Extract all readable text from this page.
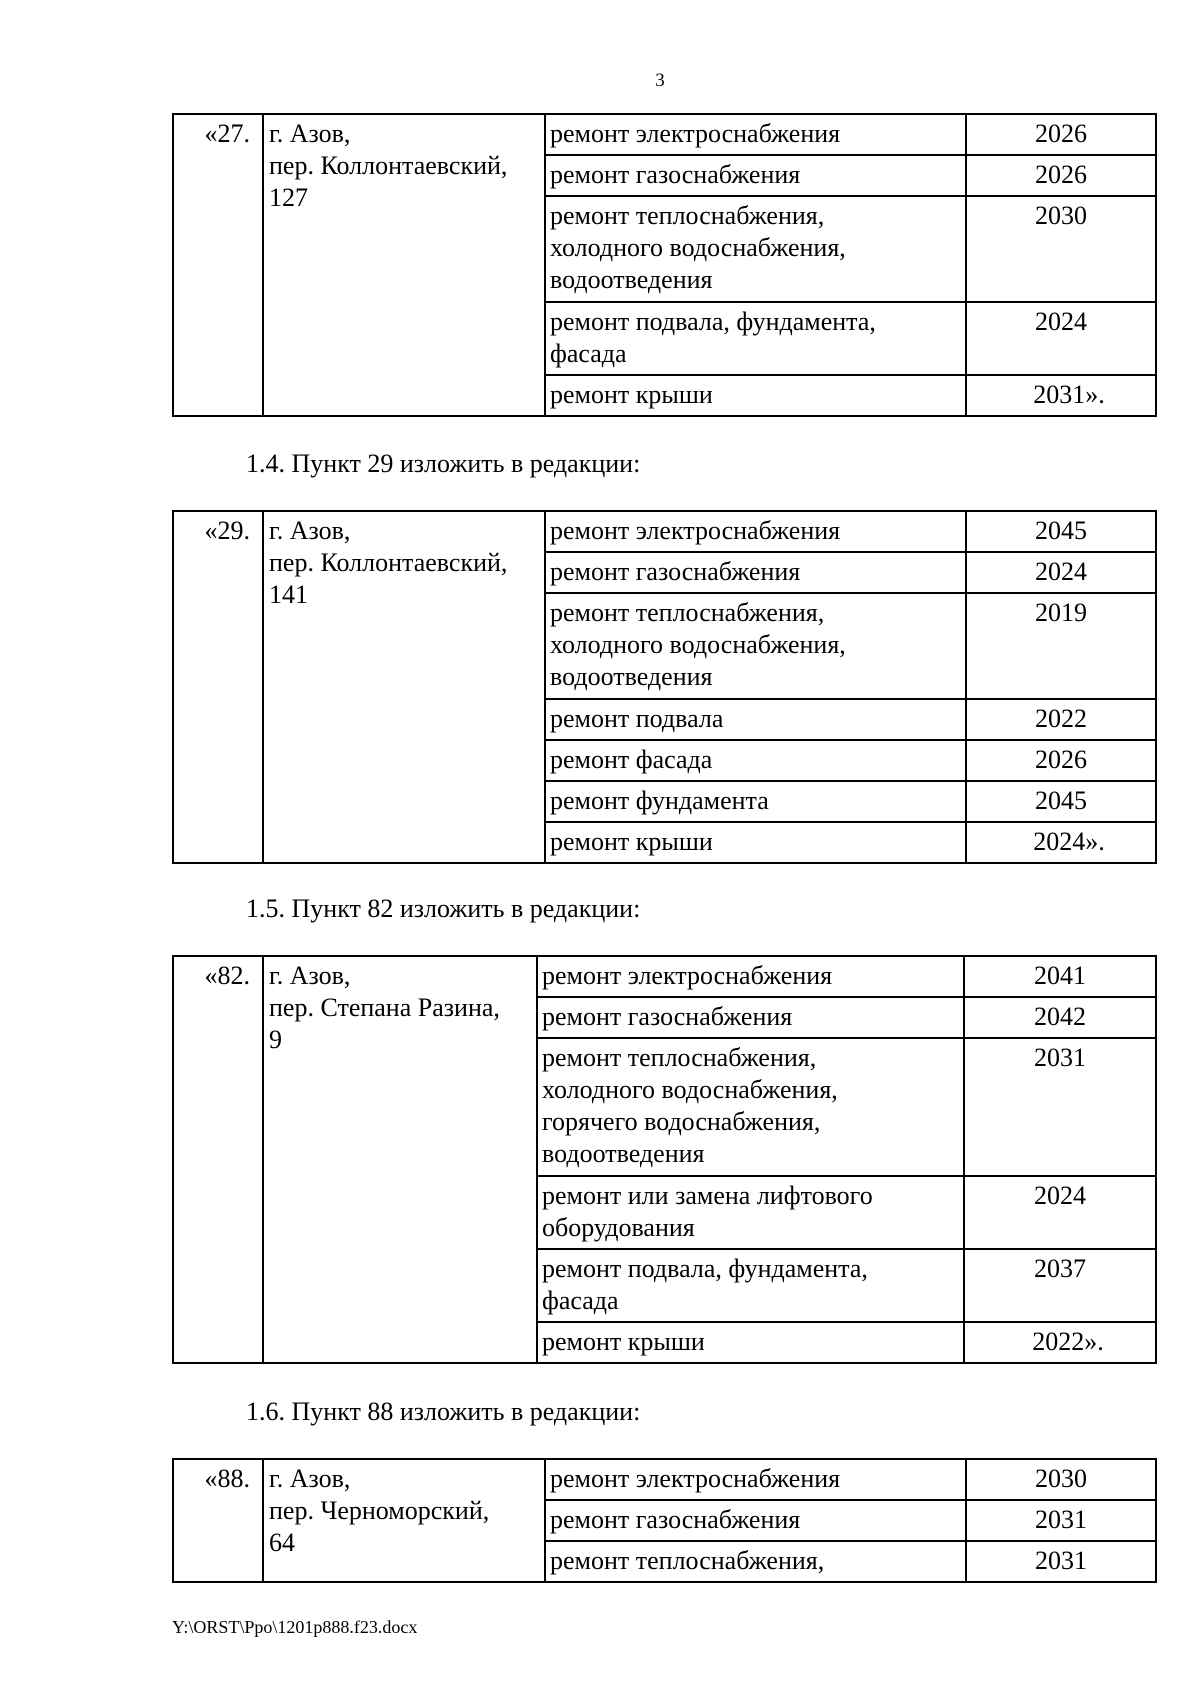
3
«27.	г. Азов,
пер. Коллонтаевский,
127	ремонт электроснабжения	2026
		ремонт газоснабжения	2026
		ремонт теплоснабжения,
холодного водоснабжения,
водоотведения	2030
		ремонт подвала, фундамента,
фасада	2024
		ремонт крыши	2031».
1.4. Пункт 29 изложить в редакции:
«29.	г. Азов,
пер. Коллонтаевский,
141	ремонт электроснабжения	2045
		ремонт газоснабжения	2024
		ремонт теплоснабжения,
холодного водоснабжения,
водоотведения	2019
		ремонт подвала	2022
		ремонт фасада	2026
		ремонт фундамента	2045
		ремонт крыши	2024».
1.5. Пункт 82 изложить в редакции:
«82.	г. Азов,
пер. Степана Разина,
9	ремонт электроснабжения	2041
		ремонт газоснабжения	2042
		ремонт теплоснабжения,
холодного водоснабжения,
горячего водоснабжения,
водоотведения	2031
		ремонт или замена лифтового
оборудования	2024
		ремонт подвала, фундамента,
фасада	2037
		ремонт крыши	2022».
1.6. Пункт 88 изложить в редакции:
«88.	г. Азов,
пер. Черноморский,
64	ремонт электроснабжения	2030
		ремонт газоснабжения	2031
		ремонт теплоснабжения,	2031
Y:\ORST\Ppo\1201p888.f23.docx
